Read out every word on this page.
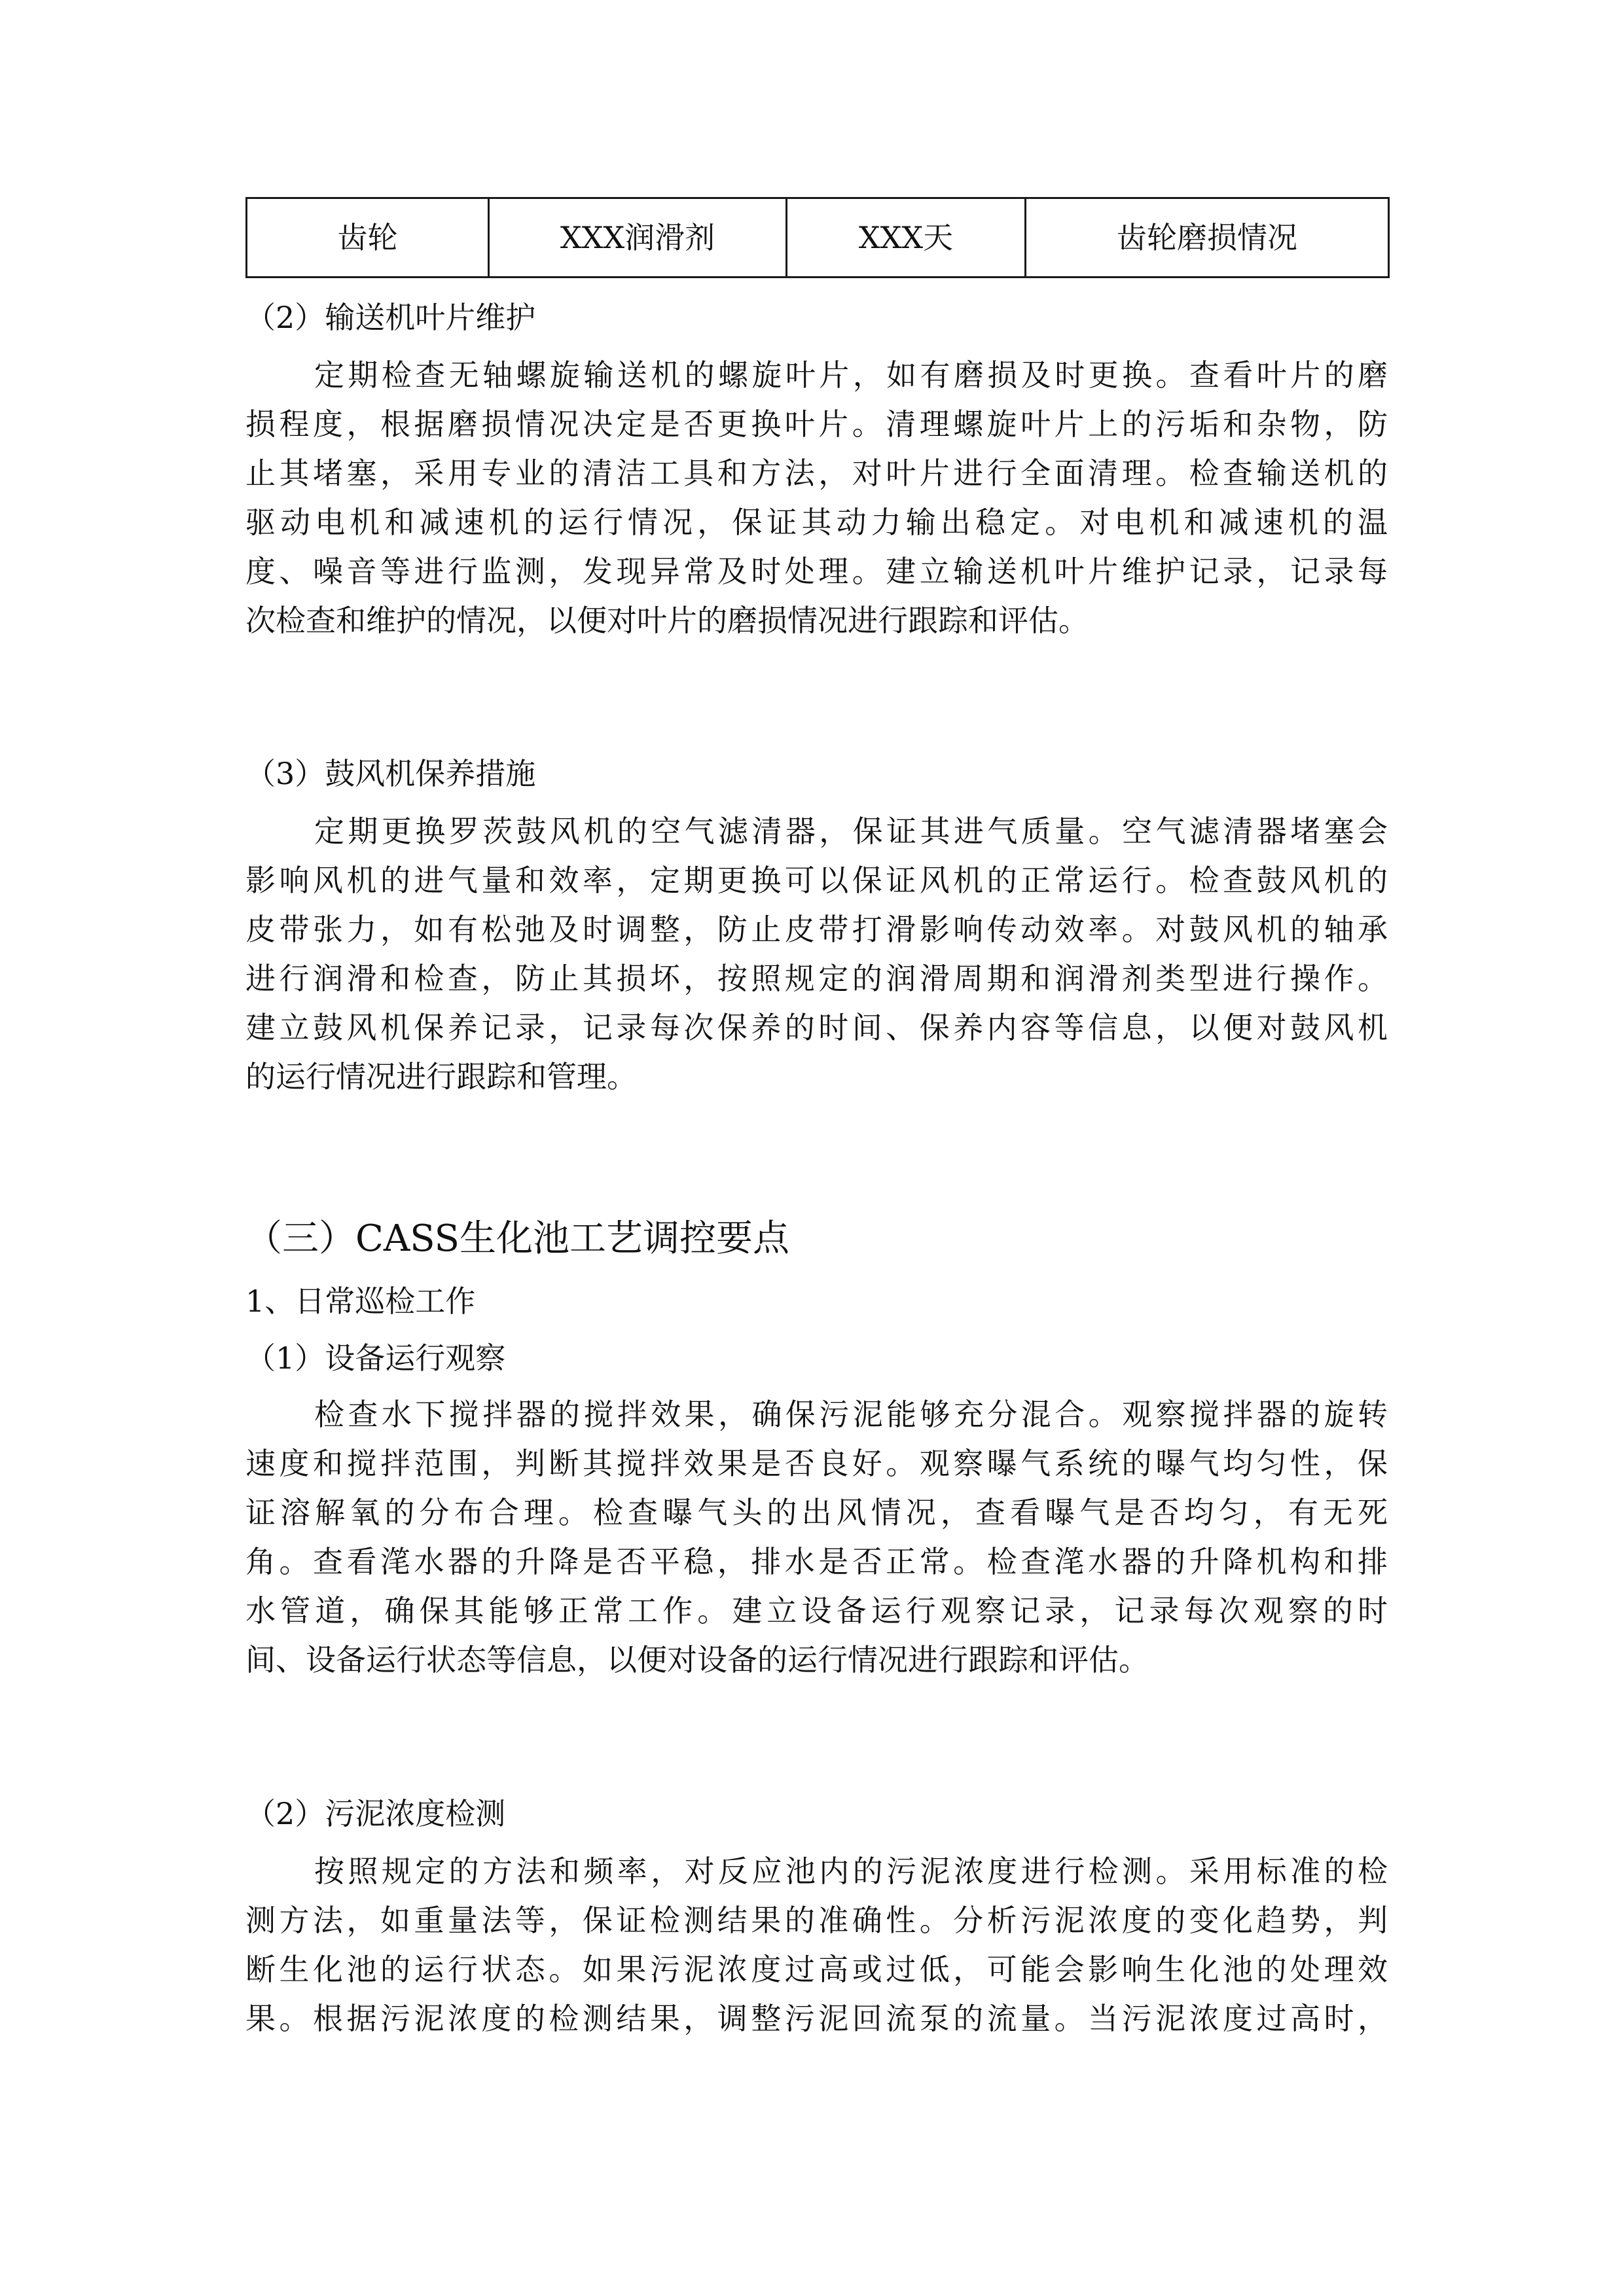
齿轮	XXX润滑剂	XXX天	齿轮磨损情况
（2）输送机叶片维护
定期检查无轴螺旋输送机的螺旋叶片，如有磨损及时更换。查看叶片的磨
损程度，根据磨损情况决定是否更换叶片。清理螺旋叶片上的污垢和杂物，防
止其堵塞，采用专业的清洁工具和方法，对叶片进行全面清理。检查输送机的
驱动电机和减速机的运行情况，保证其动力输出稳定。对电机和减速机的温
度、噪音等进行监测，发现异常及时处理。建立输送机叶片维护记录，记录每
次检查和维护的情况，以便对叶片的磨损情况进行跟踪和评估。
（3）鼓风机保养措施
定期更换罗茨鼓风机的空气滤清器，保证其进气质量。空气滤清器堵塞会
影响风机的进气量和效率，定期更换可以保证风机的正常运行。检查鼓风机的
皮带张力，如有松弛及时调整，防止皮带打滑影响传动效率。对鼓风机的轴承
进行润滑和检查，防止其损坏，按照规定的润滑周期和润滑剂类型进行操作。
建立鼓风机保养记录，记录每次保养的时间、保养内容等信息，以便对鼓风机
的运行情况进行跟踪和管理。
（三）CASS生化池工艺调控要点
1、日常巡检工作
（1）设备运行观察
检查水下搅拌器的搅拌效果，确保污泥能够充分混合。观察搅拌器的旋转
速度和搅拌范围，判断其搅拌效果是否良好。观察曝气系统的曝气均匀性，保
证溶解氧的分布合理。检查曝气头的出风情况，查看曝气是否均匀，有无死
角。查看滗水器的升降是否平稳，排水是否正常。检查滗水器的升降机构和排
水管道，确保其能够正常工作。建立设备运行观察记录，记录每次观察的时
间、设备运行状态等信息，以便对设备的运行情况进行跟踪和评估。
（2）污泥浓度检测
按照规定的方法和频率，对反应池内的污泥浓度进行检测。采用标准的检
测方法，如重量法等，保证检测结果的准确性。分析污泥浓度的变化趋势，判
断生化池的运行状态。如果污泥浓度过高或过低，可能会影响生化池的处理效
果。根据污泥浓度的检测结果，调整污泥回流泵的流量。当污泥浓度过高时，
